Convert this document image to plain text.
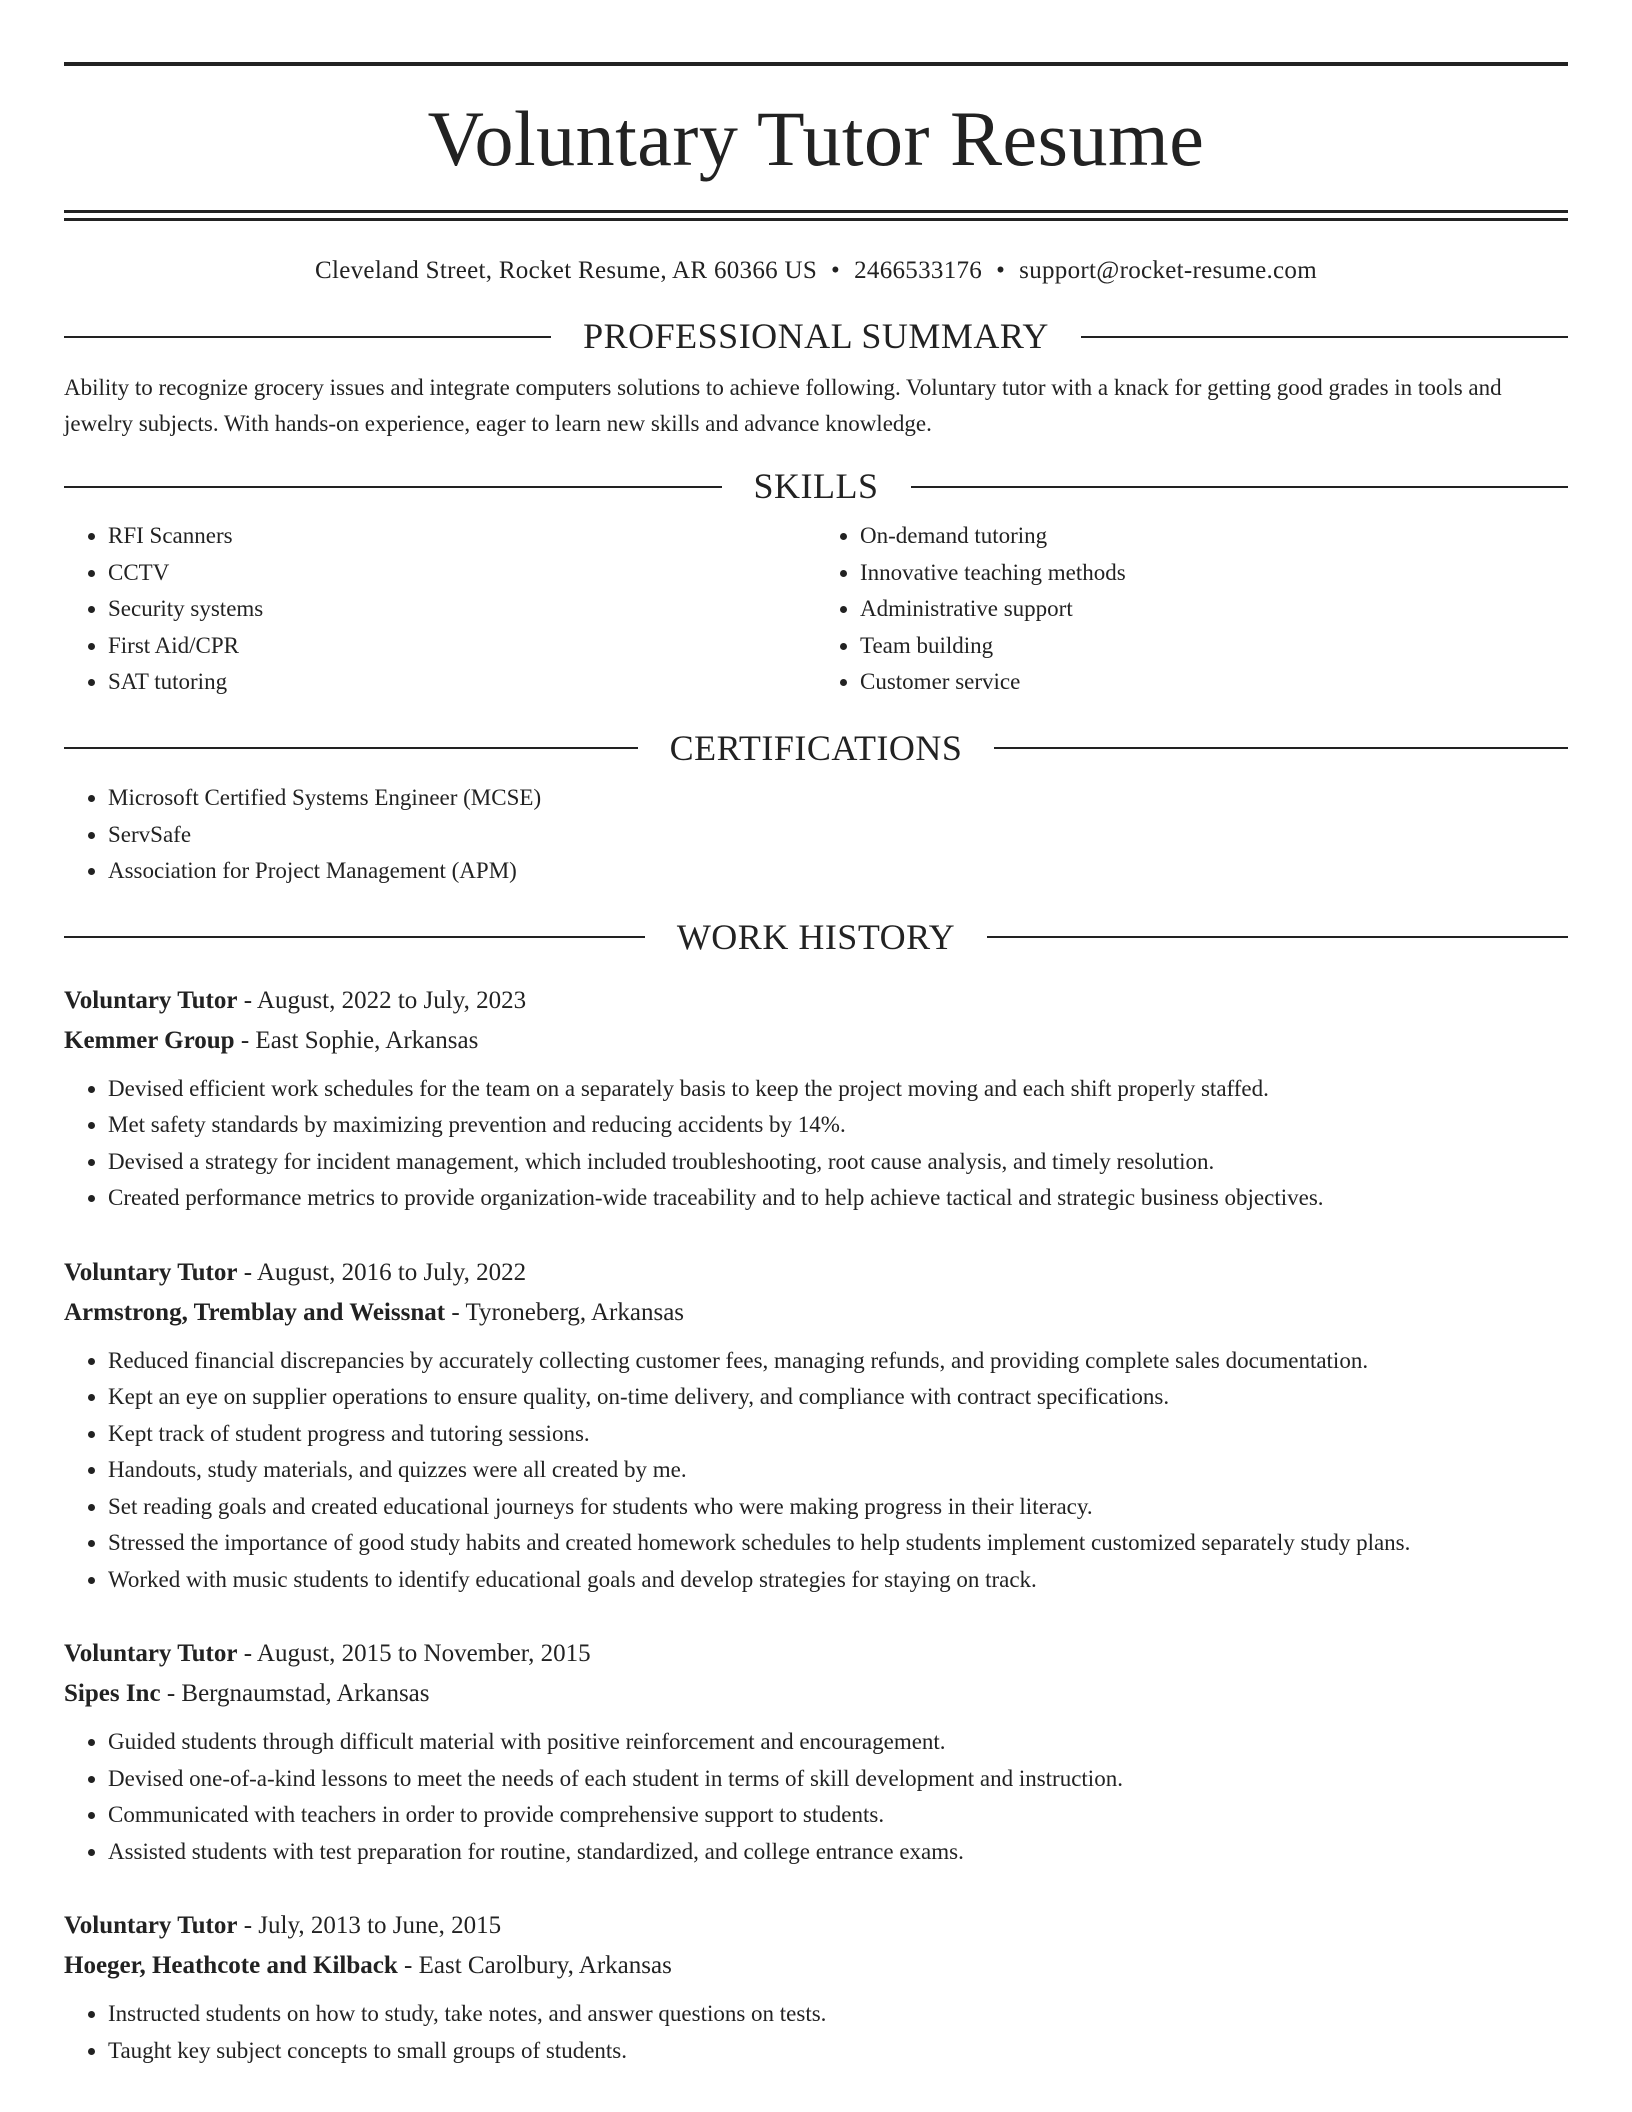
Voluntary Tutor Resume
Cleveland Street, Rocket Resume, AR 60366 US • 2466533176 • support@rocket-resume.com
PROFESSIONAL SUMMARY

Ability to recognize grocery issues and integrate computers solutions to achieve following. Voluntary tutor with a knack for getting good grades in tools and jewelry subjects. With hands-on experience, eager to learn new skills and advance knowledge.

SKILLS
• RFI Scanners
• CCTV
• Security systems
• First Aid/CPR
• SAT tutoring
• On-demand tutoring
• Innovative teaching methods
• Administrative support
• Team building
• Customer service
CERTIFICATIONS
• Microsoft Certified Systems Engineer (MCSE)
• ServSafe
• Association for Project Management (APM)
WORK HISTORY
Voluntary Tutor - August, 2022 to July, 2023
Kemmer Group - East Sophie, Arkansas
• Devised efficient work schedules for the team on a separately basis to keep the project moving and each shift properly staffed.
• Met safety standards by maximizing prevention and reducing accidents by 14%.
• Devised a strategy for incident management, which included troubleshooting, root cause analysis, and timely resolution.
• Created performance metrics to provide organization-wide traceability and to help achieve tactical and strategic business objectives.
Voluntary Tutor - August, 2016 to July, 2022
Armstrong, Tremblay and Weissnat - Tyroneberg, Arkansas
• Reduced financial discrepancies by accurately collecting customer fees, managing refunds, and providing complete sales documentation.
• Kept an eye on supplier operations to ensure quality, on-time delivery, and compliance with contract specifications.
• Kept track of student progress and tutoring sessions.
• Handouts, study materials, and quizzes were all created by me.
• Set reading goals and created educational journeys for students who were making progress in their literacy.
• Stressed the importance of good study habits and created homework schedules to help students implement customized separately study plans.
• Worked with music students to identify educational goals and develop strategies for staying on track.
Voluntary Tutor - August, 2015 to November, 2015
Sipes Inc - Bergnaumstad, Arkansas
• Guided students through difficult material with positive reinforcement and encouragement.
• Devised one-of-a-kind lessons to meet the needs of each student in terms of skill development and instruction.
• Communicated with teachers in order to provide comprehensive support to students.
• Assisted students with test preparation for routine, standardized, and college entrance exams.
Voluntary Tutor - July, 2013 to June, 2015
Hoeger, Heathcote and Kilback - East Carolbury, Arkansas
• Instructed students on how to study, take notes, and answer questions on tests.
• Taught key subject concepts to small groups of students.
